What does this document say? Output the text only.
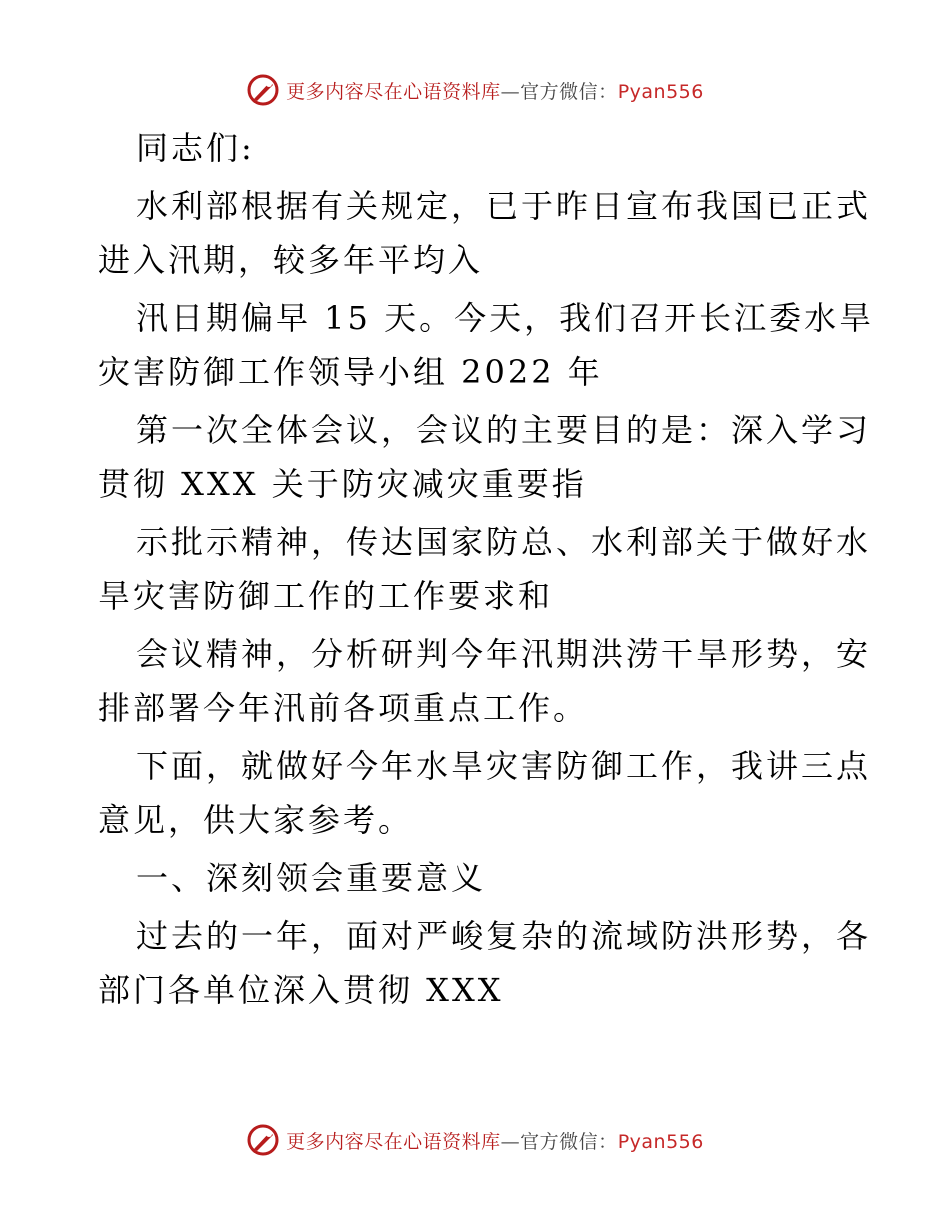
更多内容尽在心语资料库—官方微信：Pyan556
同志们:
水利部根据有关规定，已于昨日宣布我国已正式
进入汛期，较多年平均入
汛日期偏早 15 天。今天，我们召开长江委水旱
灾害防御工作领导小组 2022 年
第一次全体会议，会议的主要目的是：深入学习
贯彻 XXX 关于防灾减灾重要指
示批示精神，传达国家防总、水利部关于做好水
旱灾害防御工作的工作要求和
会议精神，分析研判今年汛期洪涝干旱形势，安
排部署今年汛前各项重点工作。
下面，就做好今年水旱灾害防御工作，我讲三点
意见，供大家参考。
一、深刻领会重要意义
过去的一年，面对严峻复杂的流域防洪形势，各
部门各单位深入贯彻 XXX
更多内容尽在心语资料库—官方微信：Pyan556
